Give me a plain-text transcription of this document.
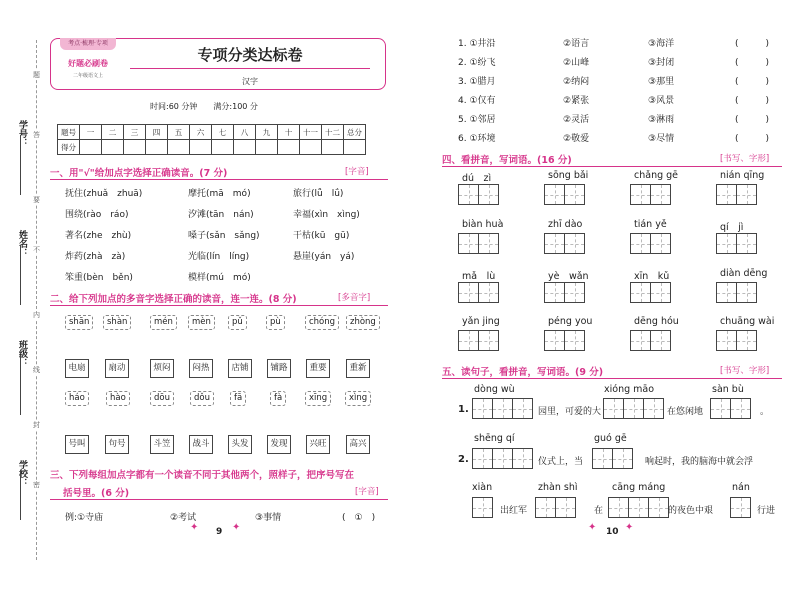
学校：
班级：
姓名：
学号：
题
答
要
不
内
线
封
密
考点·梳理·专项
好题必刷卷
二年级语文上
专项分类达标卷
汉字
时间:60 分钟　　满分:100 分
题号	一	二	三	四	五	六	七	八	九	十	十一	十二	总分
得分													
一、用"√"给加点字选择正确读音。(7 分)	[字音]
抚住(zhuǎ　zhuā)	摩托(mā　mó)	旅行(lǚ　lǘ)
围绕(rào　ráo)	汐滩(tān　nán)	幸福(xìn　xìng)
著名(zhe　zhù)	嗓子(sǎn　sǎng)	干枯(kū　gū)
炸药(zhà　zà)	光临(lín　líng)	悬崖(yán　yá)
笨重(bèn　běn)	模样(mú　mó)
二、给下列加点的多音字选择正确的读音，连一连。(8 分)	[多音字]
shān	shàn	mén	mèn	pǔ	pù	chóng	zhòng
电扇	扇动	烦闷	闷热	店铺	铺路	重要	重新
háo	hào	dōu	dǒu	fā	fà	xīng	xìng
号叫	句号	斗笠	战斗	头发	发现	兴旺	高兴
三、下列每组加点字都有一个读音不同于其他两个，照样子，把序号写在
括号里。(6 分)	[字音]
例:①寺庙	②考试	③事情	(　①　)
9
✦	✦
1. ①井沿	②语言	③海洋	(　　　)
2. ①纷飞	②山峰	③封闭	(　　　)
3. ①腊月	②纳闷	③那里	(　　　)
4. ①仅有	②紧张	③风景	(　　　)
5. ①邻居	②灵活	③淋雨	(　　　)
6. ①环境	②敬爱	③尽情	(　　　)
四、看拼音，写词语。(16 分)	[书写、字形]
dú　zì	sōng bǎi	chǎng gē	nián qīng
biàn huà	zhī dào	tián yě	qí　jì
mǎ　lù	yè　wǎn	xīn　kǔ	diàn dēng
yǎn jing	péng you	dēng hóu	chuāng wài
五、读句子，看拼音，写词语。(9 分)	[书写、字形]
dòng wù	xióng māo	sàn bù
1.	园里，可爱的大	在悠闲地	。
shēng qí	guó gē
2.	仪式上，当	响起时，我的脑海中就会浮
xiàn	zhàn shì	cāng máng	nán
出红军	在	的夜色中艰	行进
10
✦	✦
